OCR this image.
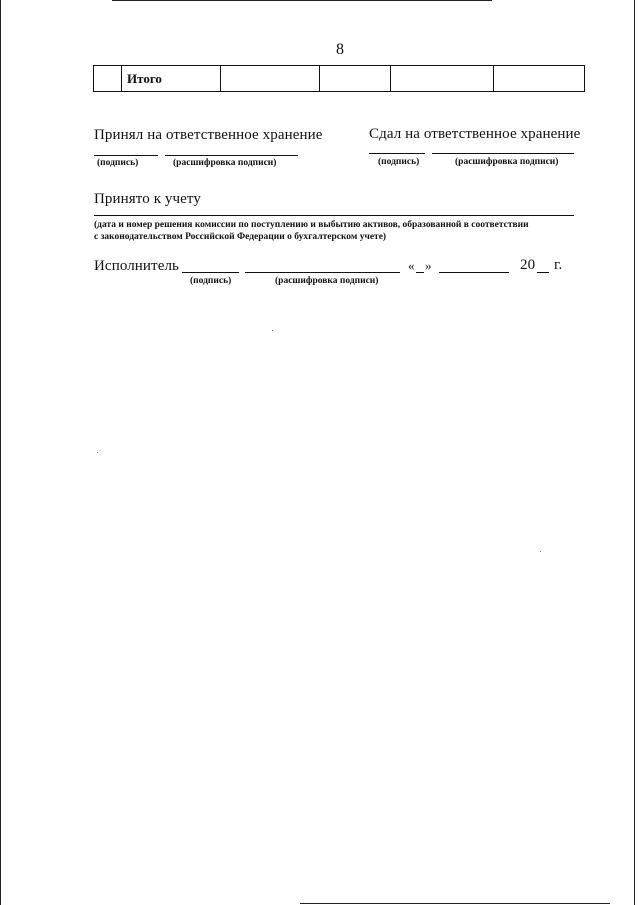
8
	Итого				
Принял на ответственное хранение
(подпись)	(расшифровка подписи)
Сдал на ответственное хранение
(подпись)	(расшифровка подписи)
Принято к учету
(дата и номер решения комиссии по поступлению и выбытию активов, образованной в соответствии
с законодательством Российской Федерации о бухгалтерском учете)
Исполнитель	« »	20 г.
(подпись)	(расшифровка подписи)
